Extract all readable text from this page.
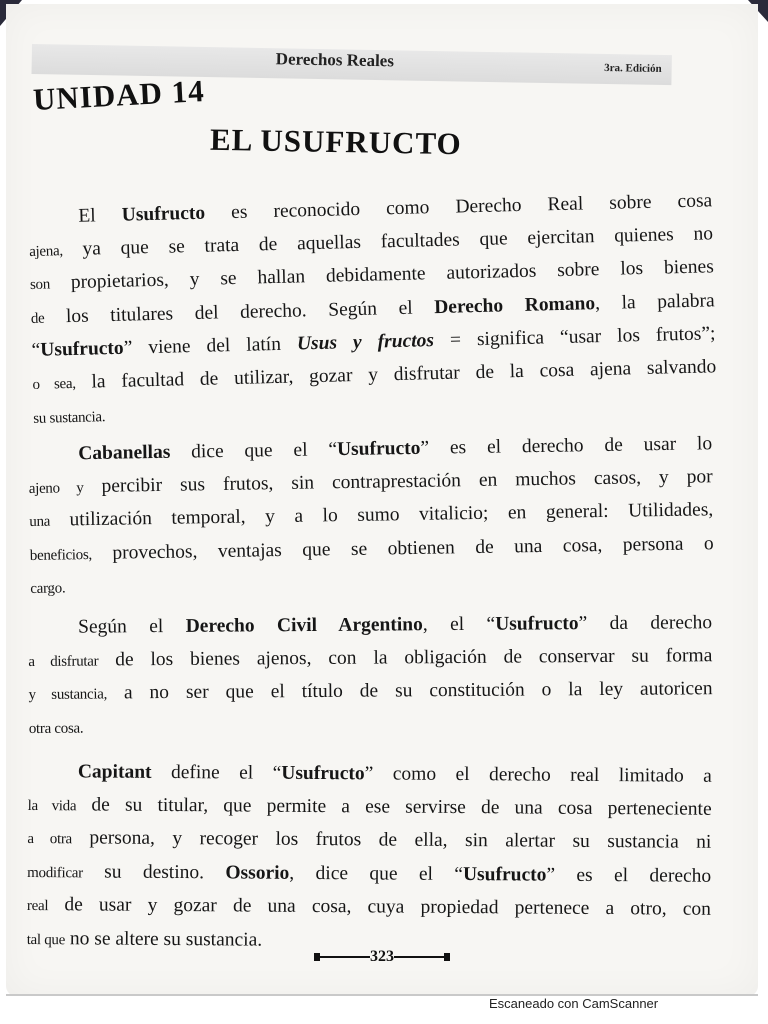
Derechos Reales	3ra. Edición
UNIDAD 14
EL USUFRUCTO
El Usufructo es reconocido como Derecho Real sobre cosa
ajena, ya que se trata de aquellas facultades que ejercitan quienes no
son propietarios, y se hallan debidamente autorizados sobre los bienes
de los titulares del derecho. Según el Derecho Romano, la palabra
“Usufructo” viene del latín Usus y fructos = significa “usar los frutos”;
o sea, la facultad de utilizar, gozar y disfrutar de la cosa ajena salvando
su sustancia.
Cabanellas dice que el “Usufructo” es el derecho de usar lo
ajeno y percibir sus frutos, sin contraprestación en muchos casos, y por
una utilización temporal, y a lo sumo vitalicio; en general: Utilidades,
beneficios, provechos, ventajas que se obtienen de una cosa, persona o
cargo.
Según el Derecho Civil Argentino, el “Usufructo” da derecho
a disfrutar de los bienes ajenos, con la obligación de conservar su forma
y sustancia, a no ser que el título de su constitución o la ley autoricen
otra cosa.
Capitant define el “Usufructo” como el derecho real limitado a
la vida de su titular, que permite a ese servirse de una cosa perteneciente
a otra persona, y recoger los frutos de ella, sin alertar su sustancia ni
modificar su destino. Ossorio, dice que el “Usufructo” es el derecho
real de usar y gozar de una cosa, cuya propiedad pertenece a otro, con
tal que no se altere su sustancia.
323
Escaneado con CamScanner
